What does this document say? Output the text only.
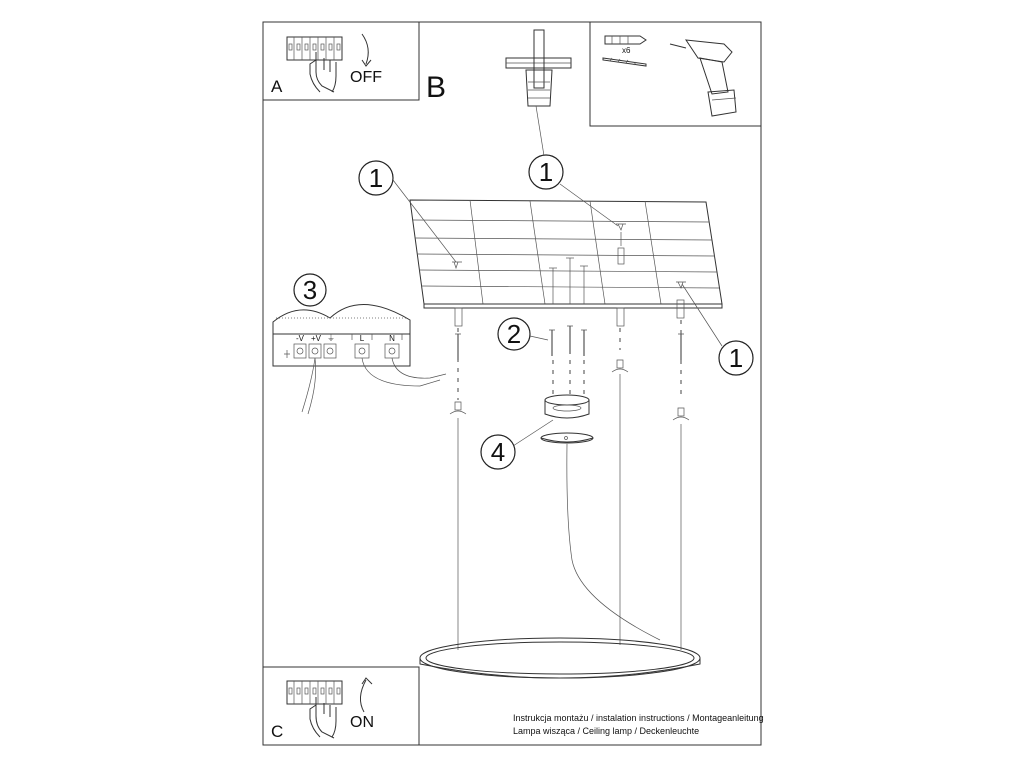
A	OFF B
x6
1	1
1
2
4
-V +V ⏚	L	N
3
C	ON	Instrukcja montażu / instalation instructions / Montageanleitung
Lampa wisząca / Ceiling lamp / Deckenleuchte
